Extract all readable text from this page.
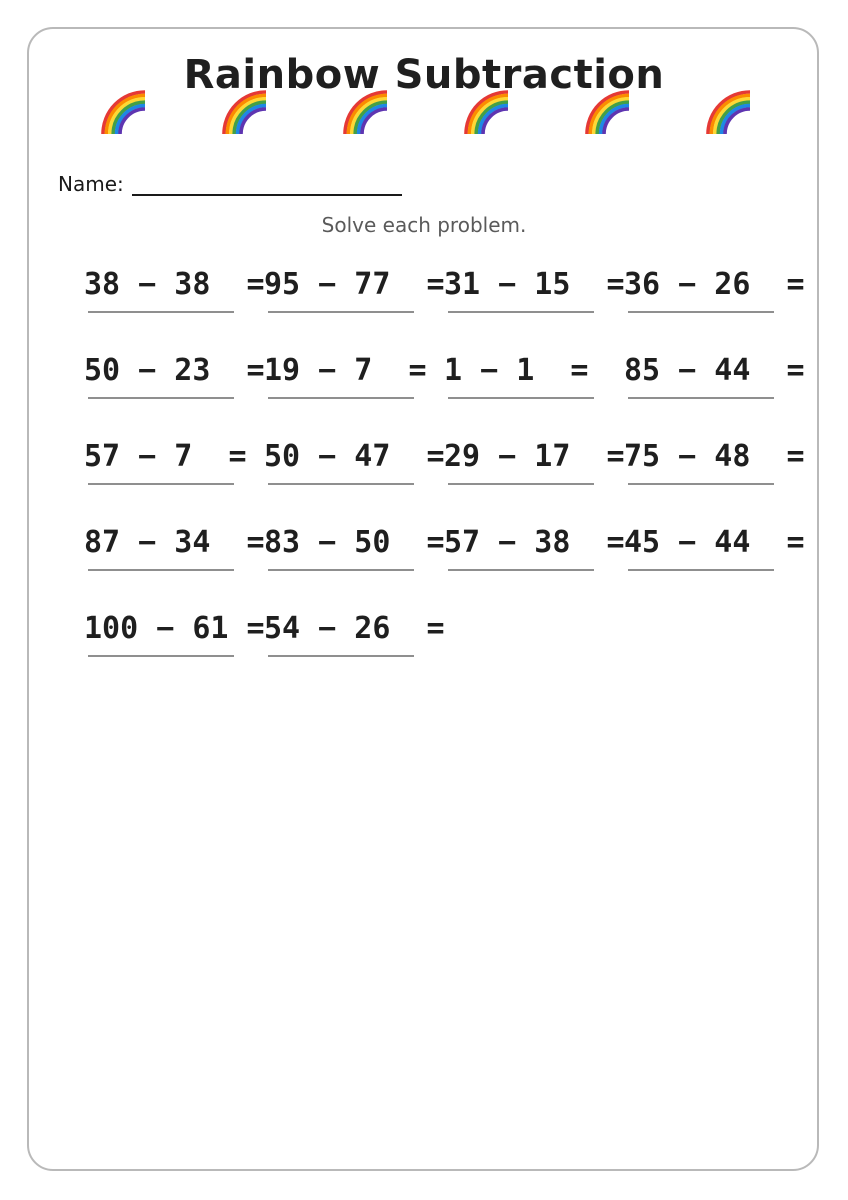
Rainbow Subtraction
Name:
Solve each problem.
38 − 38  = 95 − 77  = 31 − 15  = 36 − 26  =
50 − 23  = 19 − 7  = 1 − 1  = 85 − 44  =
57 − 7  = 50 − 47  = 29 − 17  = 75 − 48  =
87 − 34  = 83 − 50  = 57 − 38  = 45 − 44  =
100 − 61 = 54 − 26  =
